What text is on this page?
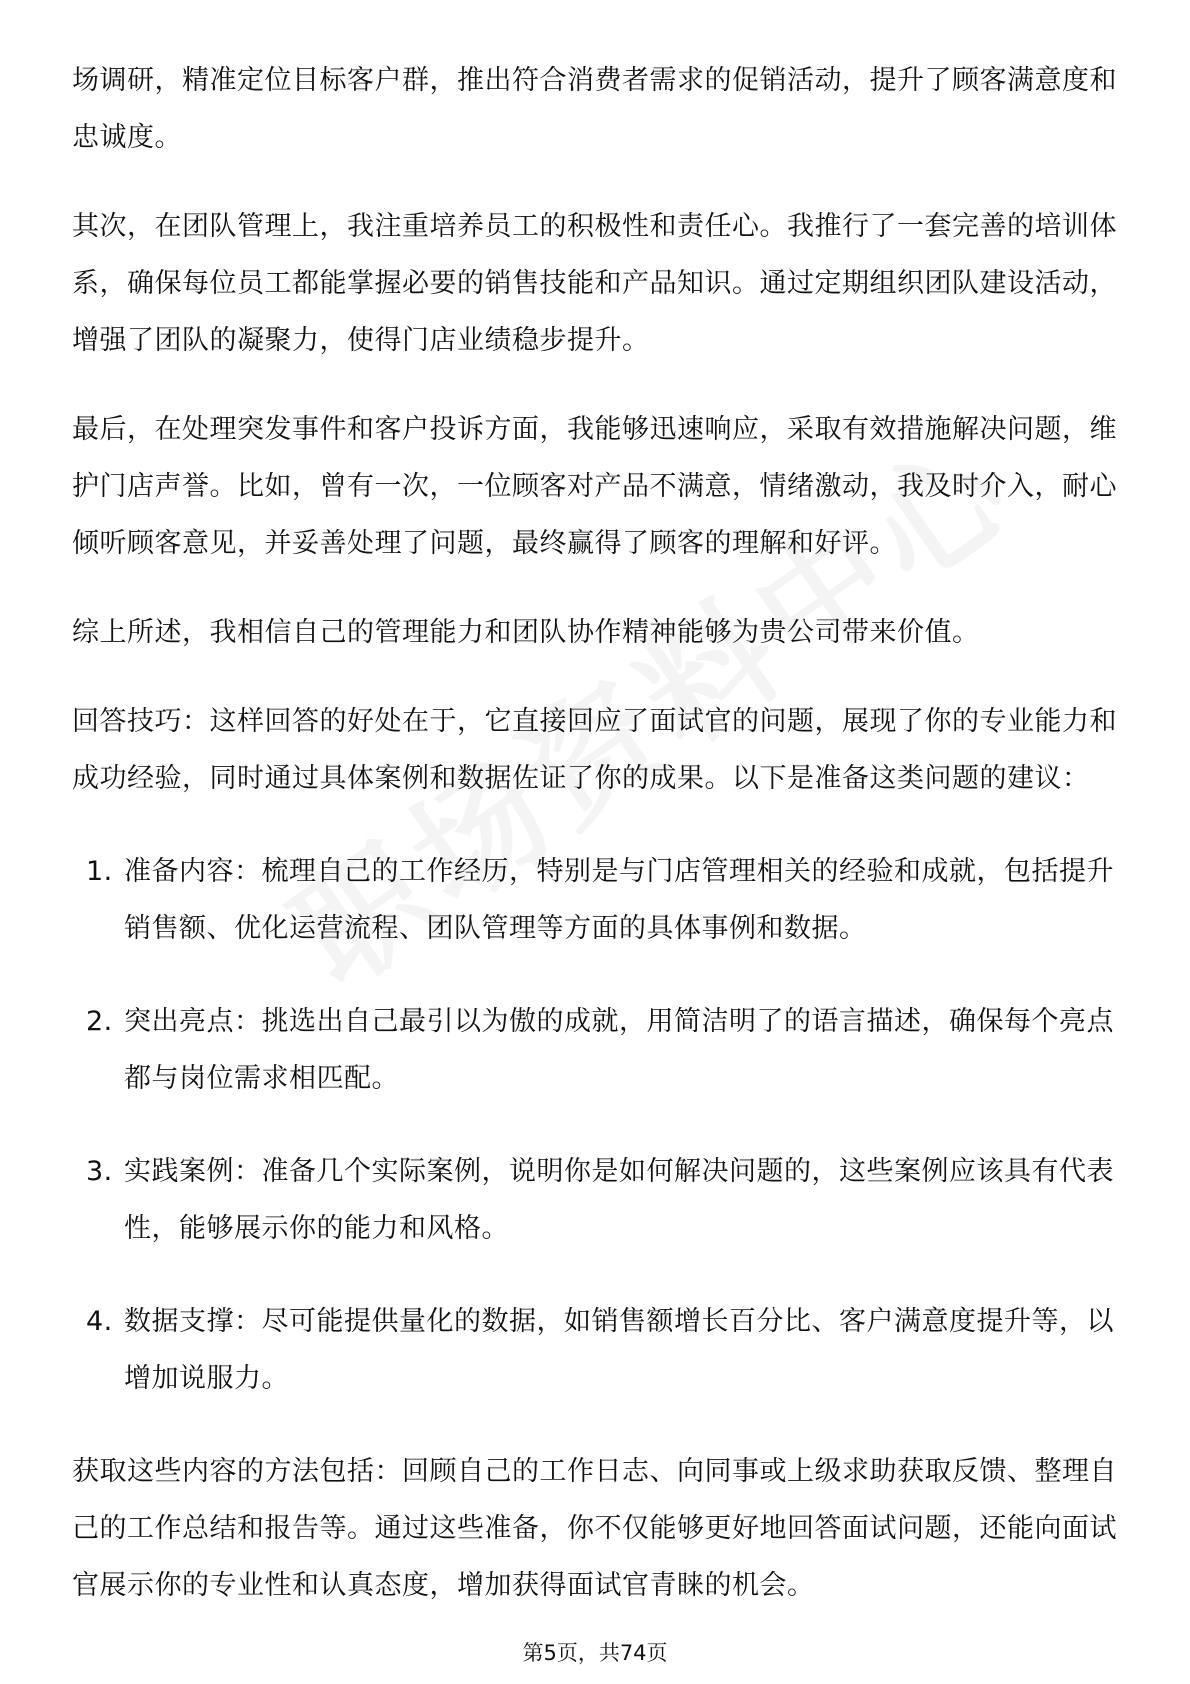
场调研，精准定位目标客户群，推出符合消费者需求的促销活动，提升了顾客满意度和忠诚度。

其次，在团队管理上，我注重培养员工的积极性和责任心。我推行了一套完善的培训体系，确保每位员工都能掌握必要的销售技能和产品知识。通过定期组织团队建设活动，增强了团队的凝聚力，使得门店业绩稳步提升。

最后，在处理突发事件和客户投诉方面，我能够迅速响应，采取有效措施解决问题，维护门店声誉。比如，曾有一次，一位顾客对产品不满意，情绪激动，我及时介入，耐心倾听顾客意见，并妥善处理了问题，最终赢得了顾客的理解和好评。

综上所述，我相信自己的管理能力和团队协作精神能够为贵公司带来价值。

回答技巧：这样回答的好处在于，它直接回应了面试官的问题，展现了你的专业能力和成功经验，同时通过具体案例和数据佐证了你的成果。以下是准备这类问题的建议：

1. 准备内容：梳理自己的工作经历，特别是与门店管理相关的经验和成就，包括提升销售额、优化运营流程、团队管理等方面的具体事例和数据。

2. 突出亮点：挑选出自己最引以为傲的成就，用简洁明了的语言描述，确保每个亮点都与岗位需求相匹配。

3. 实践案例：准备几个实际案例，说明你是如何解决问题的，这些案例应该具有代表性，能够展示你的能力和风格。

4. 数据支撑：尽可能提供量化的数据，如销售额增长百分比、客户满意度提升等，以增加说服力。

获取这些内容的方法包括：回顾自己的工作日志、向同事或上级求助获取反馈、整理自己的工作总结和报告等。通过这些准备，你不仅能够更好地回答面试问题，还能向面试官展示你的专业性和认真态度，增加获得面试官青睐的机会。

第5页，共74页
